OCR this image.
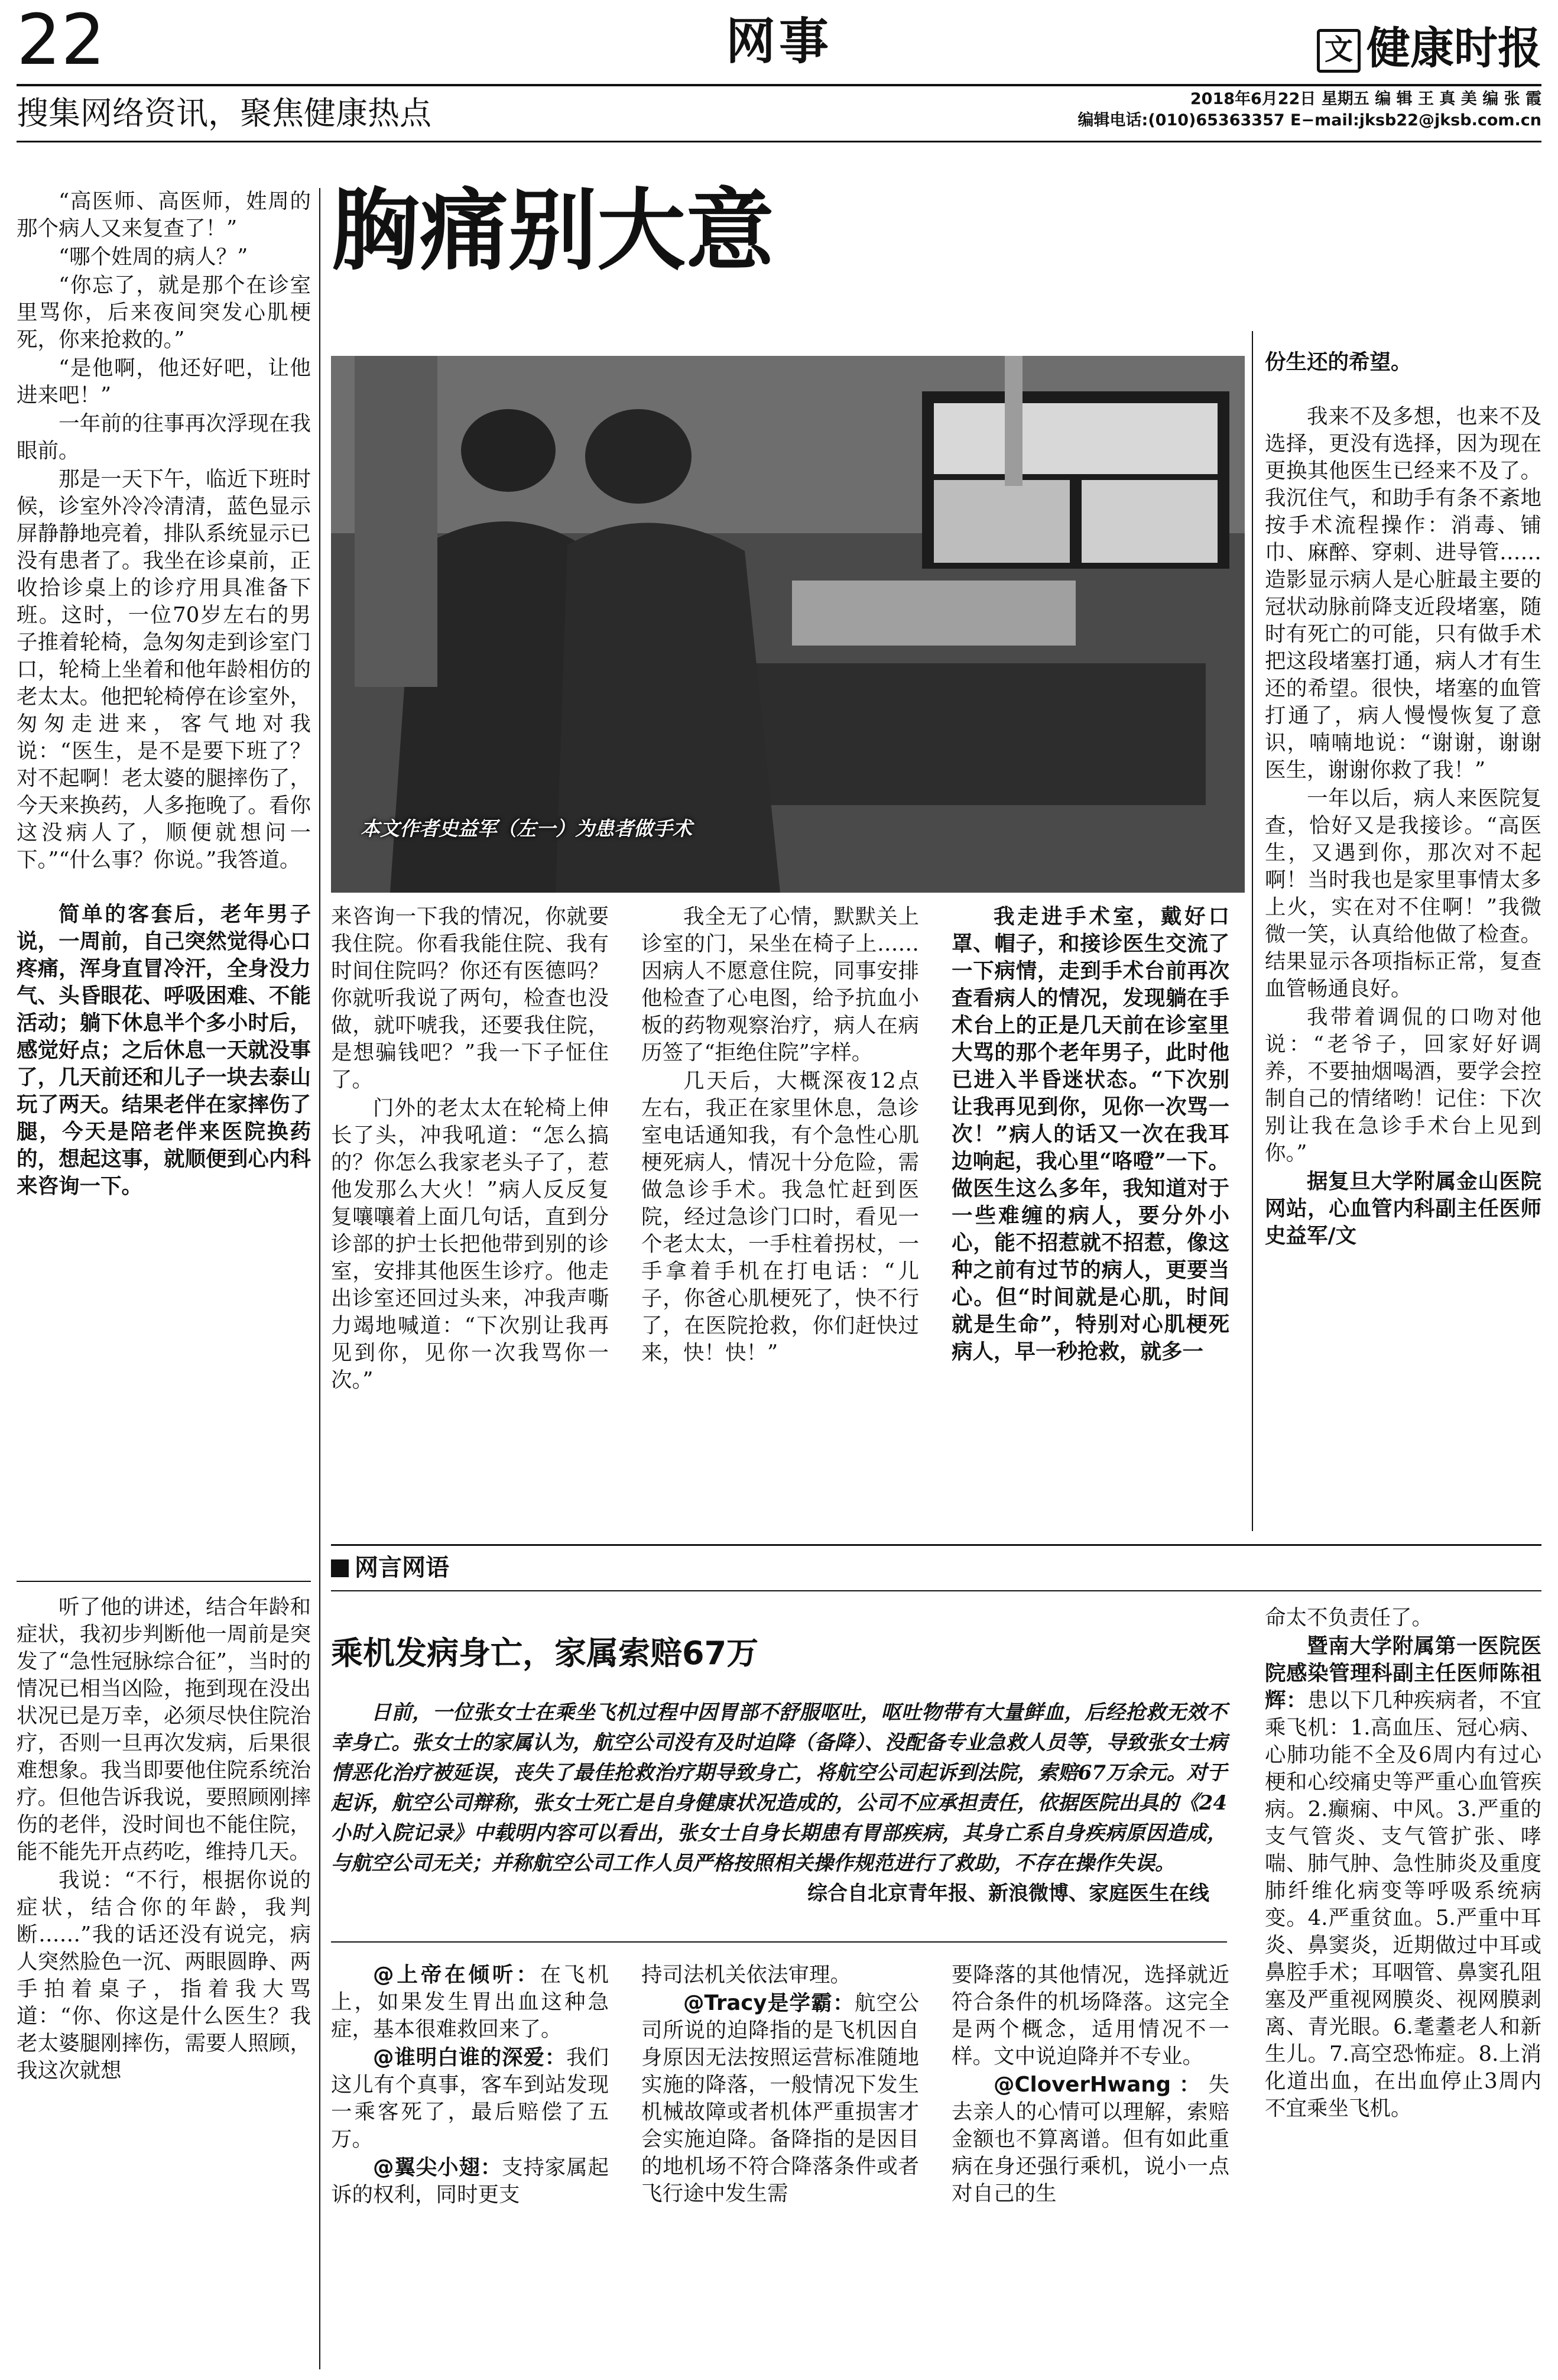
22	网事	文 健康时报
搜集网络资讯，聚焦健康热点	2018年6月22日 星期五 编 辑 王 真 美 编 张 霞
编辑电话:(010)65363357 E−mail:jksb22@jksb.com.cn
胸痛别大意
本文作者史益军（左一）为患者做手术

“高医师、高医师，姓周的那个病人又来复查了！”

“哪个姓周的病人？”

“你忘了，就是那个在诊室里骂你，后来夜间突发心肌梗死，你来抢救的。”

“是他啊，他还好吧，让他进来吧！”

一年前的往事再次浮现在我眼前。

那是一天下午，临近下班时候，诊室外冷冷清清，蓝色显示屏静静地亮着，排队系统显示已没有患者了。我坐在诊桌前，正收拾诊桌上的诊疗用具准备下班。这时，一位70岁左右的男子推着轮椅，急匆匆走到诊室门口，轮椅上坐着和他年龄相仿的老太太。他把轮椅停在诊室外，匆匆走进来，客气地对我说：“医生，是不是要下班了？对不起啊！老太婆的腿摔伤了，今天来换药，人多拖晚了。看你这没病人了，顺便就想问一下。”“什么事？你说。”我答道。

简单的客套后，老年男子说，一周前，自己突然觉得心口疼痛，浑身直冒冷汗，全身没力气、头昏眼花、呼吸困难、不能活动；躺下休息半个多小时后，感觉好点；之后休息一天就没事了，几天前还和儿子一块去泰山玩了两天。结果老伴在家摔伤了腿，今天是陪老伴来医院换药的，想起这事，就顺便到心内科来咨询一下。

听了他的讲述，结合年龄和症状，我初步判断他一周前是突发了“急性冠脉综合征”，当时的情况已相当凶险，拖到现在没出状况已是万幸，必须尽快住院治疗，否则一旦再次发病，后果很难想象。我当即要他住院系统治疗。但他告诉我说，要照顾刚摔伤的老伴，没时间也不能住院，能不能先开点药吃，维持几天。

我说：“不行，根据你说的症状，结合你的年龄，我判断……”我的话还没有说完，病人突然脸色一沉、两眼圆睁、两手拍着桌子，指着我大骂道：“你、你这是什么医生？我老太婆腿刚摔伤，需要人照顾，我这次就想

来咨询一下我的情况，你就要我住院。你看我能住院、我有时间住院吗？你还有医德吗？你就听我说了两句，检查也没做，就吓唬我，还要我住院，是想骗钱吧？”我一下子怔住了。

门外的老太太在轮椅上伸长了头，冲我吼道：“怎么搞的？你怎么我家老头子了，惹他发那么大火！”病人反反复复嚷嚷着上面几句话，直到分诊部的护士长把他带到别的诊室，安排其他医生诊疗。他走出诊室还回过头来，冲我声嘶力竭地喊道：“下次别让我再见到你，见你一次我骂你一次。”

我全无了心情，默默关上诊室的门，呆坐在椅子上……因病人不愿意住院，同事安排他检查了心电图，给予抗血小板的药物观察治疗，病人在病历签了“拒绝住院”字样。

几天后，大概深夜12点左右，我正在家里休息，急诊室电话通知我，有个急性心肌梗死病人，情况十分危险，需做急诊手术。我急忙赶到医院，经过急诊门口时，看见一个老太太，一手柱着拐杖，一手拿着手机在打电话：“儿子，你爸心肌梗死了，快不行了，在医院抢救，你们赶快过来，快！快！”

我走进手术室，戴好口罩、帽子，和接诊医生交流了一下病情，走到手术台前再次查看病人的情况，发现躺在手术台上的正是几天前在诊室里大骂的那个老年男子，此时他已进入半昏迷状态。“下次别让我再见到你，见你一次骂一次！”病人的话又一次在我耳边响起，我心里“咯噔”一下。做医生这么多年，我知道对于一些难缠的病人，要分外小心，能不招惹就不招惹，像这种之前有过节的病人，更要当心。但“时间就是心肌，时间就是生命”，特别对心肌梗死病人，早一秒抢救，就多一

份生还的希望。

我来不及多想，也来不及选择，更没有选择，因为现在更换其他医生已经来不及了。我沉住气，和助手有条不紊地按手术流程操作：消毒、铺巾、麻醉、穿刺、进导管……造影显示病人是心脏最主要的冠状动脉前降支近段堵塞，随时有死亡的可能，只有做手术把这段堵塞打通，病人才有生还的希望。很快，堵塞的血管打通了，病人慢慢恢复了意识，喃喃地说：“谢谢，谢谢医生，谢谢你救了我！”

一年以后，病人来医院复查，恰好又是我接诊。“高医生，又遇到你，那次对不起啊！当时我也是家里事情太多上火，实在对不住啊！”我微微一笑，认真给他做了检查。结果显示各项指标正常，复查血管畅通良好。

我带着调侃的口吻对他说：“老爷子，回家好好调养，不要抽烟喝酒，要学会控制自己的情绪哟！记住：下次别让我在急诊手术台上见到你。”

据复旦大学附属金山医院网站，心血管内科副主任医师史益军/文

网言网语
乘机发病身亡，家属索赔67万
日前，一位张女士在乘坐飞机过程中因胃部不舒服呕吐，呕吐物带有大量鲜血，后经抢救无效不幸身亡。张女士的家属认为，航空公司没有及时迫降（备降）、没配备专业急救人员等，导致张女士病情恶化治疗被延误，丧失了最佳抢救治疗期导致身亡，将航空公司起诉到法院，索赔67万余元。对于起诉，航空公司辩称，张女士死亡是自身健康状况造成的，公司不应承担责任，依据医院出具的《24小时入院记录》中载明内容可以看出，张女士自身长期患有胃部疾病，其身亡系自身疾病原因造成，与航空公司无关；并称航空公司工作人员严格按照相关操作规范进行了救助，不存在操作失误。
综合自北京青年报、新浪微博、家庭医生在线

@上帝在倾听：在飞机上，如果发生胃出血这种急症，基本很难救回来了。

@谁明白谁的深爱：我们这儿有个真事，客车到站发现一乘客死了，最后赔偿了五万。

@翼尖小翅：支持家属起诉的权利，同时更支

持司法机关依法审理。

@Tracy是学霸：航空公司所说的迫降指的是飞机因自身原因无法按照运营标准随地实施的降落，一般情况下发生机械故障或者机体严重损害才会实施迫降。备降指的是因目的地机场不符合降落条件或者飞行途中发生需

要降落的其他情况，选择就近符合条件的机场降落。这完全是两个概念，适用情况不一样。文中说迫降并不专业。

@CloverHwang：失去亲人的心情可以理解，索赔金额也不算离谱。但有如此重病在身还强行乘机，说小一点对自己的生

命太不负责任了。

暨南大学附属第一医院医院感染管理科副主任医师陈祖辉：患以下几种疾病者，不宜乘飞机：1.高血压、冠心病、心肺功能不全及6周内有过心梗和心绞痛史等严重心血管疾病。2.癫痫、中风。3.严重的支气管炎、支气管扩张、哮喘、肺气肿、急性肺炎及重度肺纤维化病变等呼吸系统病变。4.严重贫血。5.严重中耳炎、鼻窦炎，近期做过中耳或鼻腔手术；耳咽管、鼻窦孔阻塞及严重视网膜炎、视网膜剥离、青光眼。6.耄耋老人和新生儿。7.高空恐怖症。8.上消化道出血，在出血停止3周内不宜乘坐飞机。
